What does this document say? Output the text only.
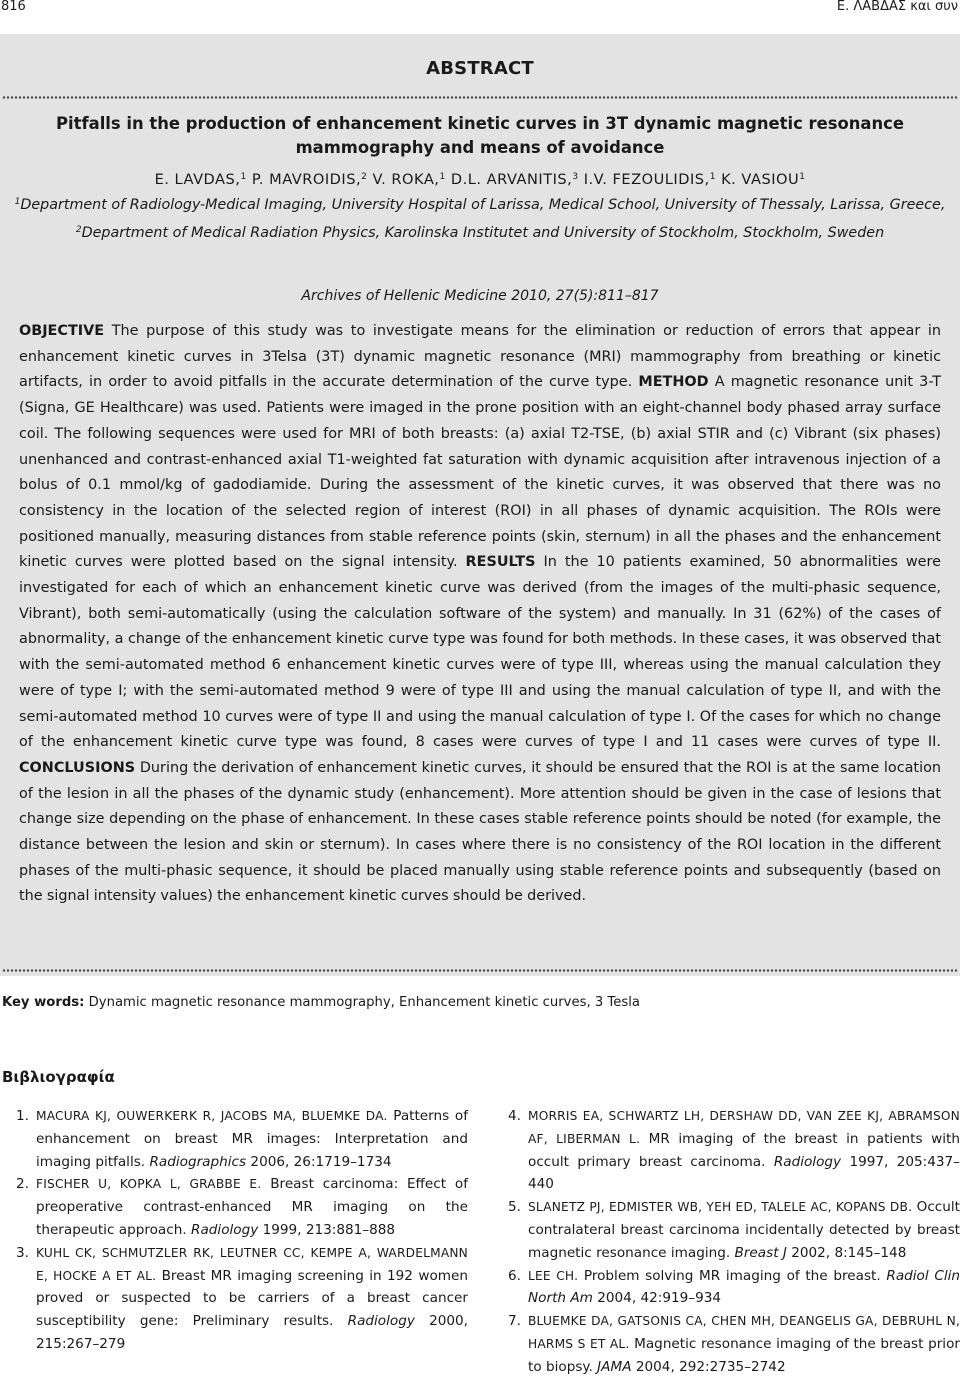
816	Ε. ΛΑΒΔΑΣ και συν
ABSTRACT
Pitfalls in the production of enhancement kinetic curves in 3T dynamic magnetic resonance mammography and means of avoidance
E. LAVDAS,$^1$ P. MAVROIDIS,$^2$ V. ROKA,$^1$ D.L. ARVANITIS,$^3$ I.V. FEZOULIDIS,$^1$ K. VASIOU$^1$
$^1$Department of Radiology-Medical Imaging, University Hospital of Larissa, Medical School, University of Thessaly, Larissa, Greece, $^2$Department of Medical Radiation Physics, Karolinska Institutet and University of Stockholm, Stockholm, Sweden
Archives of Hellenic Medicine 2010, 27(5):811–817
OBJECTIVE The purpose of this study was to investigate means for the elimination or reduction of errors that appear in enhancement kinetic curves in 3Telsa (3T) dynamic magnetic resonance (MRI) mammography from breathing or kinetic artifacts, in order to avoid pitfalls in the accurate determination of the curve type. METHOD A magnetic resonance unit 3-T (Signa, GE Healthcare) was used. Patients were imaged in the prone position with an eight-channel body phased array surface coil. The following sequences were used for MRI of both breasts: (a) axial T2-TSE, (b) axial STIR and (c) Vibrant (six phases) unenhanced and contrast-enhanced axial T1-weighted fat saturation with dynamic acquisition after intravenous injection of a bolus of 0.1 mmol/kg of gadodiamide. During the assessment of the kinetic curves, it was observed that there was no consistency in the location of the selected region of interest (ROI) in all phases of dynamic acquisition. The ROIs were positioned manually, measuring distances from stable reference points (skin, sternum) in all the phases and the enhancement kinetic curves were plotted based on the signal intensity. RESULTS In the 10 patients examined, 50 abnormalities were investigated for each of which an enhancement kinetic curve was derived (from the images of the multi-phasic sequence, Vibrant), both semi-automatically (using the calculation software of the system) and manually. In 31 (62%) of the cases of abnormality, a change of the enhancement kinetic curve type was found for both methods. In these cases, it was observed that with the semi-automated method 6 enhancement kinetic curves were of type III, whereas using the manual calculation they were of type I; with the semi-automated method 9 were of type III and using the manual calculation of type II, and with the semi-automated method 10 curves were of type II and using the manual calculation of type I. Of the cases for which no change of the enhancement kinetic curve type was found, 8 cases were curves of type I and 11 cases were curves of type II. CONCLUSIONS During the derivation of enhancement kinetic curves, it should be ensured that the ROI is at the same location of the lesion in all the phases of the dynamic study (enhancement). More attention should be given in the case of lesions that change size depending on the phase of enhancement. In these cases stable reference points should be noted (for example, the distance between the lesion and skin or sternum). In cases where there is no consistency of the ROI location in the different phases of the multi-phasic sequence, it should be placed manually using stable reference points and subsequently (based on the signal intensity values) the enhancement kinetic curves should be derived.
Key words: Dynamic magnetic resonance mammography, Enhancement kinetic curves, 3 Tesla
Βιβλιογραφία
1. MACURA KJ, OUWERKERK R, JACOBS MA, BLUEMKE DA. Patterns of enhancement on breast MR images: Interpretation and imaging pitfalls. Radiographics 2006, 26:1719–1734
2. FISCHER U, KOPKA L, GRABBE E. Breast carcinoma: Effect of preoperative contrast-enhanced MR imaging on the therapeutic approach. Radiology 1999, 213:881–888
3. KUHL CK, SCHMUTZLER RK, LEUTNER CC, KEMPE A, WARDELMANN E, HOCKE A ET AL. Breast MR imaging screening in 192 women proved or suspected to be carriers of a breast cancer susceptibility gene: Preliminary results. Radiology 2000, 215:267–279
4. MORRIS EA, SCHWARTZ LH, DERSHAW DD, VAN ZEE KJ, ABRAMSON AF, LIBERMAN L. MR imaging of the breast in patients with occult primary breast carcinoma. Radiology 1997, 205:437–440
5. SLANETZ PJ, EDMISTER WB, YEH ED, TALELE AC, KOPANS DB. Occult contralateral breast carcinoma incidentally detected by breast magnetic resonance imaging. Breast J 2002, 8:145–148
6. LEE CH. Problem solving MR imaging of the breast. Radiol Clin North Am 2004, 42:919–934
7. BLUEMKE DA, GATSONIS CA, CHEN MH, DEANGELIS GA, DEBRUHL N, HARMS S ET AL. Magnetic resonance imaging of the breast prior to biopsy. JAMA 2004, 292:2735–2742
